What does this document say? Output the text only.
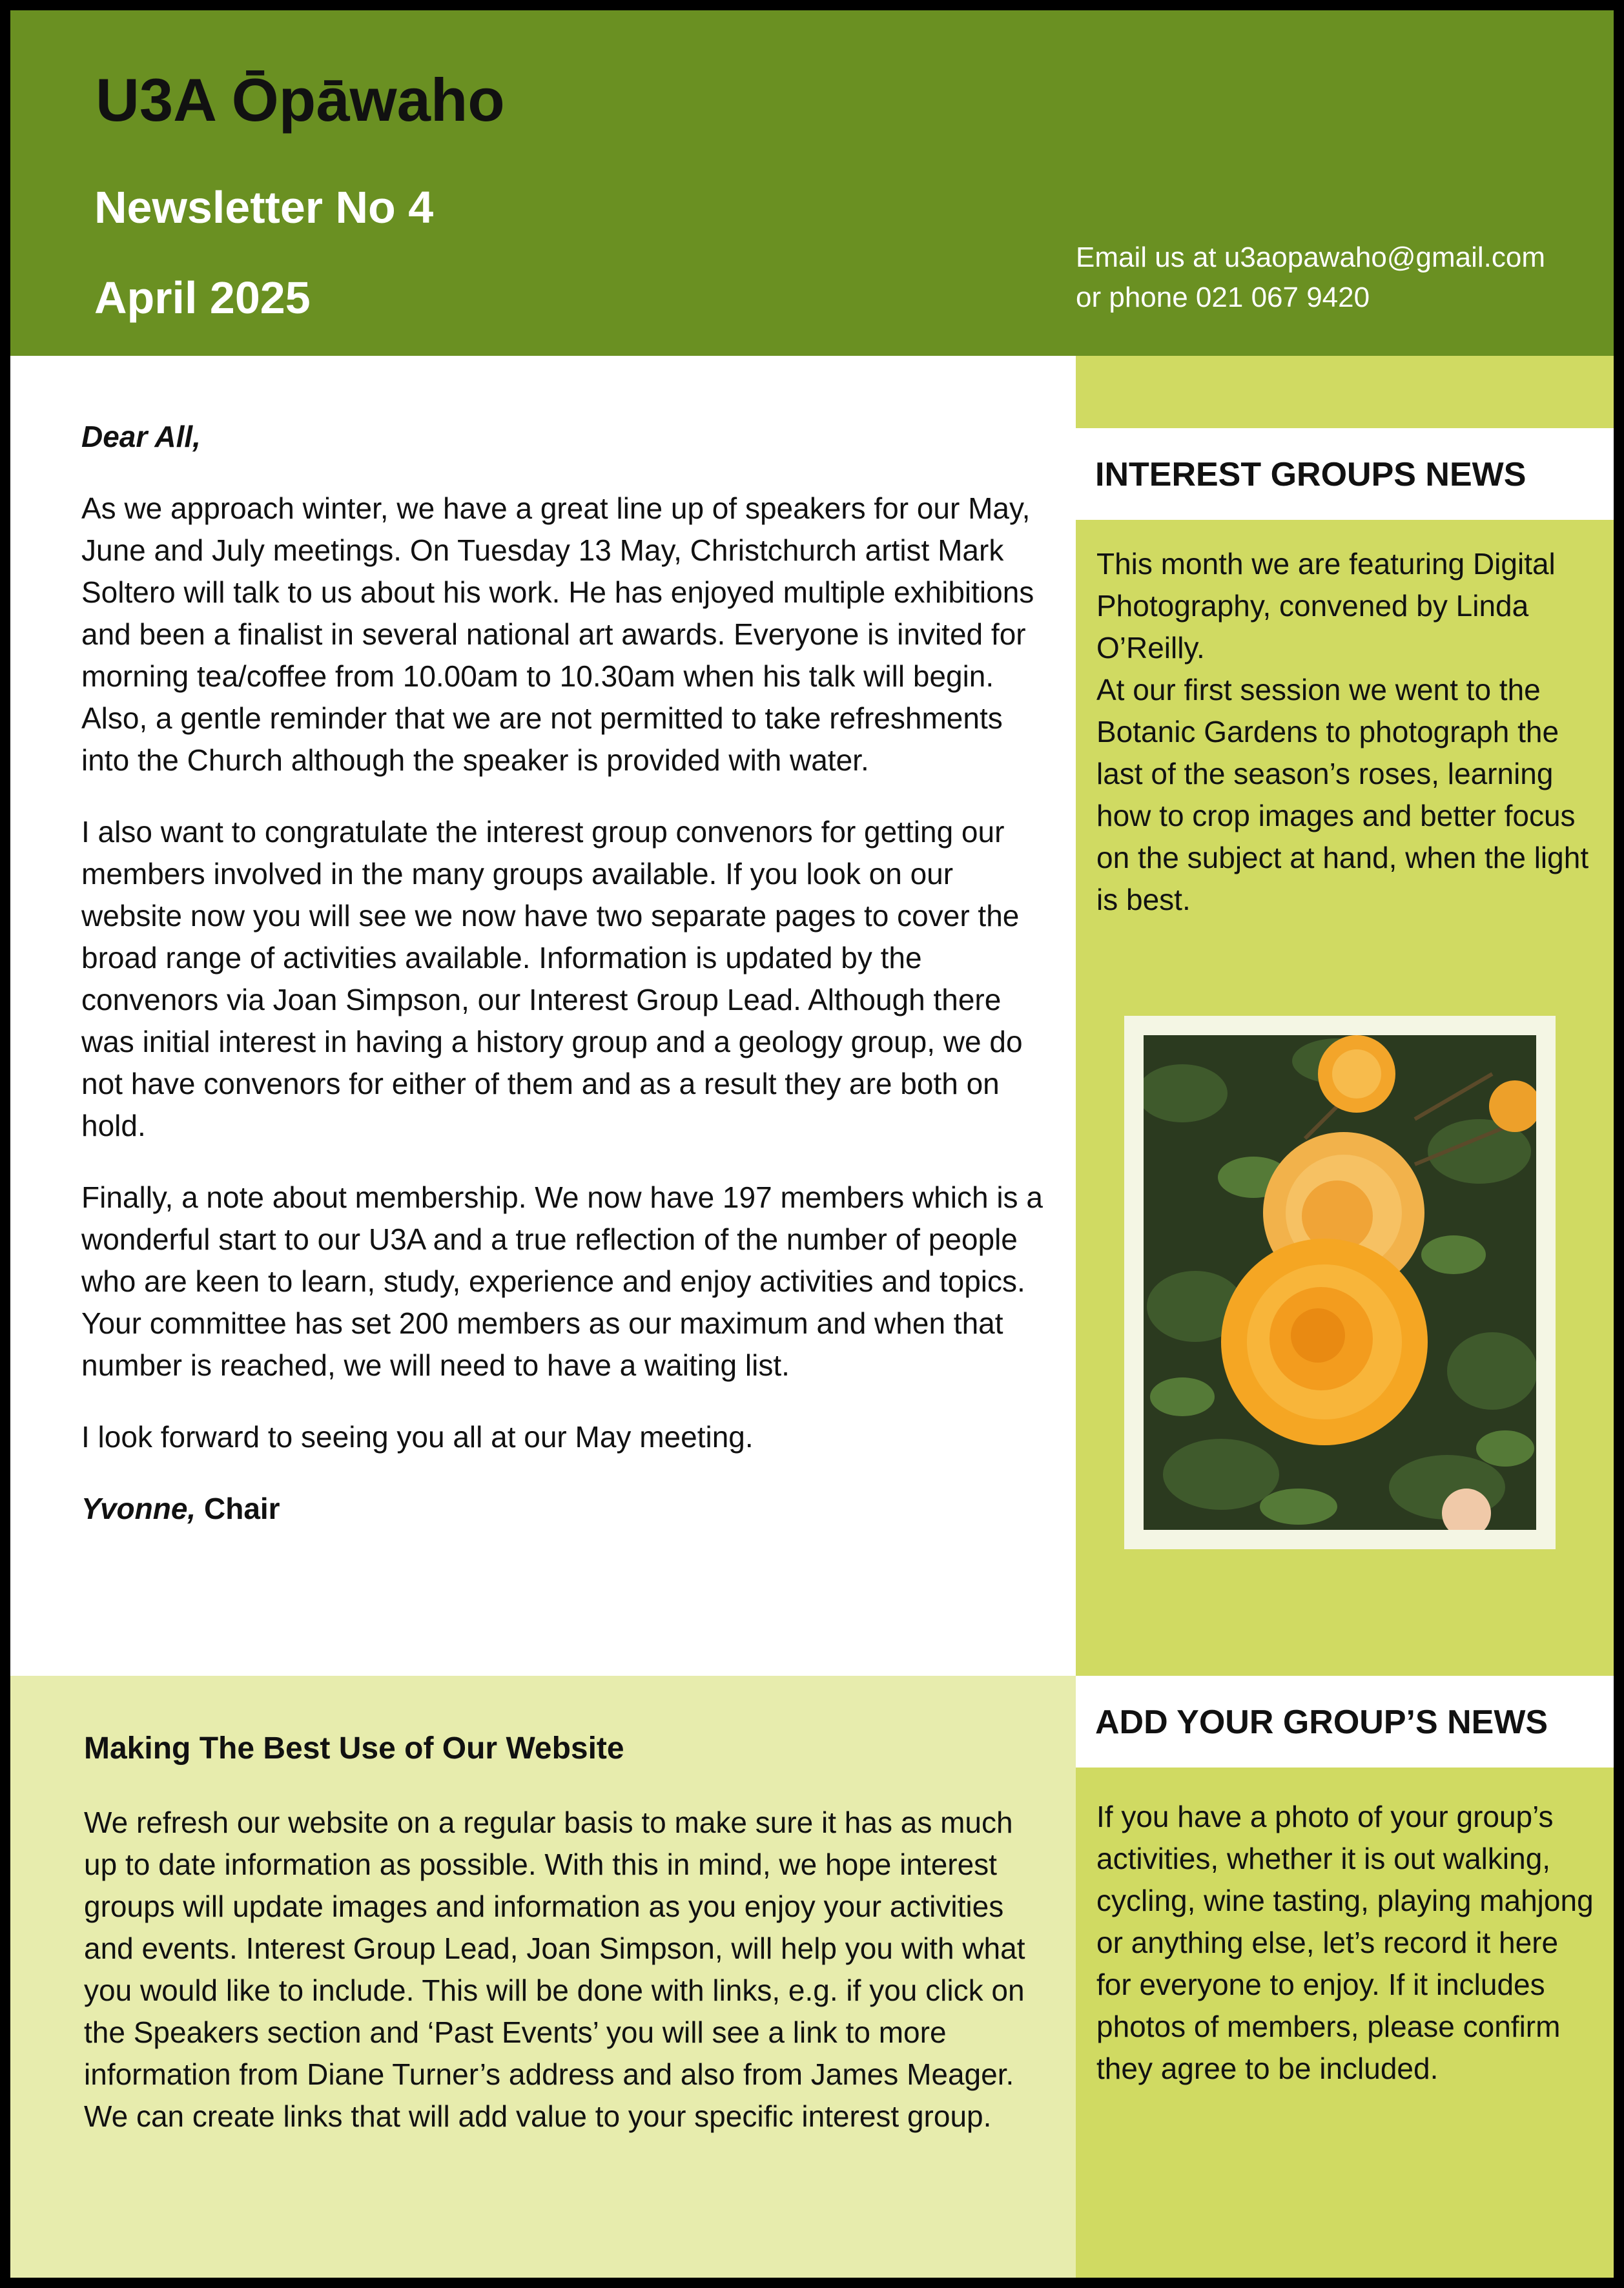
U3A Ōpāwaho
Newsletter No 4
April 2025
Email us at u3aopawaho@gmail.com
or phone 021 067 9420

Dear All,

As we approach winter, we have a great line up of speakers for our May, June and July meetings. On Tuesday 13 May, Christchurch artist Mark Soltero will talk to us about his work. He has enjoyed multiple exhibitions and been a finalist in several national art awards. Everyone is invited for morning tea/coffee from 10.00am to 10.30am when his talk will begin. Also, a gentle reminder that we are not permitted to take refreshments into the Church although the speaker is provided with water.

I also want to congratulate the interest group convenors for getting our members involved in the many groups available. If you look on our website now you will see we now have two separate pages to cover the broad range of activities available. Information is updated by the convenors via Joan Simpson, our Interest Group Lead. Although there was initial interest in having a history group and a geology group, we do not have convenors for either of them and as a result they are both on hold.

Finally, a note about membership. We now have 197 members which is a wonderful start to our U3A and a true reflection of the number of people who are keen to learn, study, experience and enjoy activities and topics. Your committee has set 200 members as our maximum and when that number is reached, we will need to have a waiting list.

I look forward to seeing you all at our May meeting.

Yvonne, Chair

Making The Best Use of Our Website
We refresh our website on a regular basis to make sure it has as much up to date information as possible. With this in mind, we hope interest groups will update images and information as you enjoy your activities and events. Interest Group Lead, Joan Simpson, will help you with what you would like to include. This will be done with links, e.g. if you click on the Speakers section and ‘Past Events’ you will see a link to more information from Diane Turner’s address and also from James Meager. We can create links that will add value to your specific interest group.
INTEREST GROUPS NEWS

This month we are featuring Digital Photography, convened by Linda O’Reilly.

At our first session we went to the Botanic Gardens to photograph the last of the season’s roses, learning how to crop images and better focus on the subject at hand, when the light is best.

ADD YOUR GROUP’S NEWS
If you have a photo of your group’s activities, whether it is out walking, cycling, wine tasting, playing mahjong or anything else, let’s record it here for everyone to enjoy. If it includes photos of members, please confirm they agree to be included.
